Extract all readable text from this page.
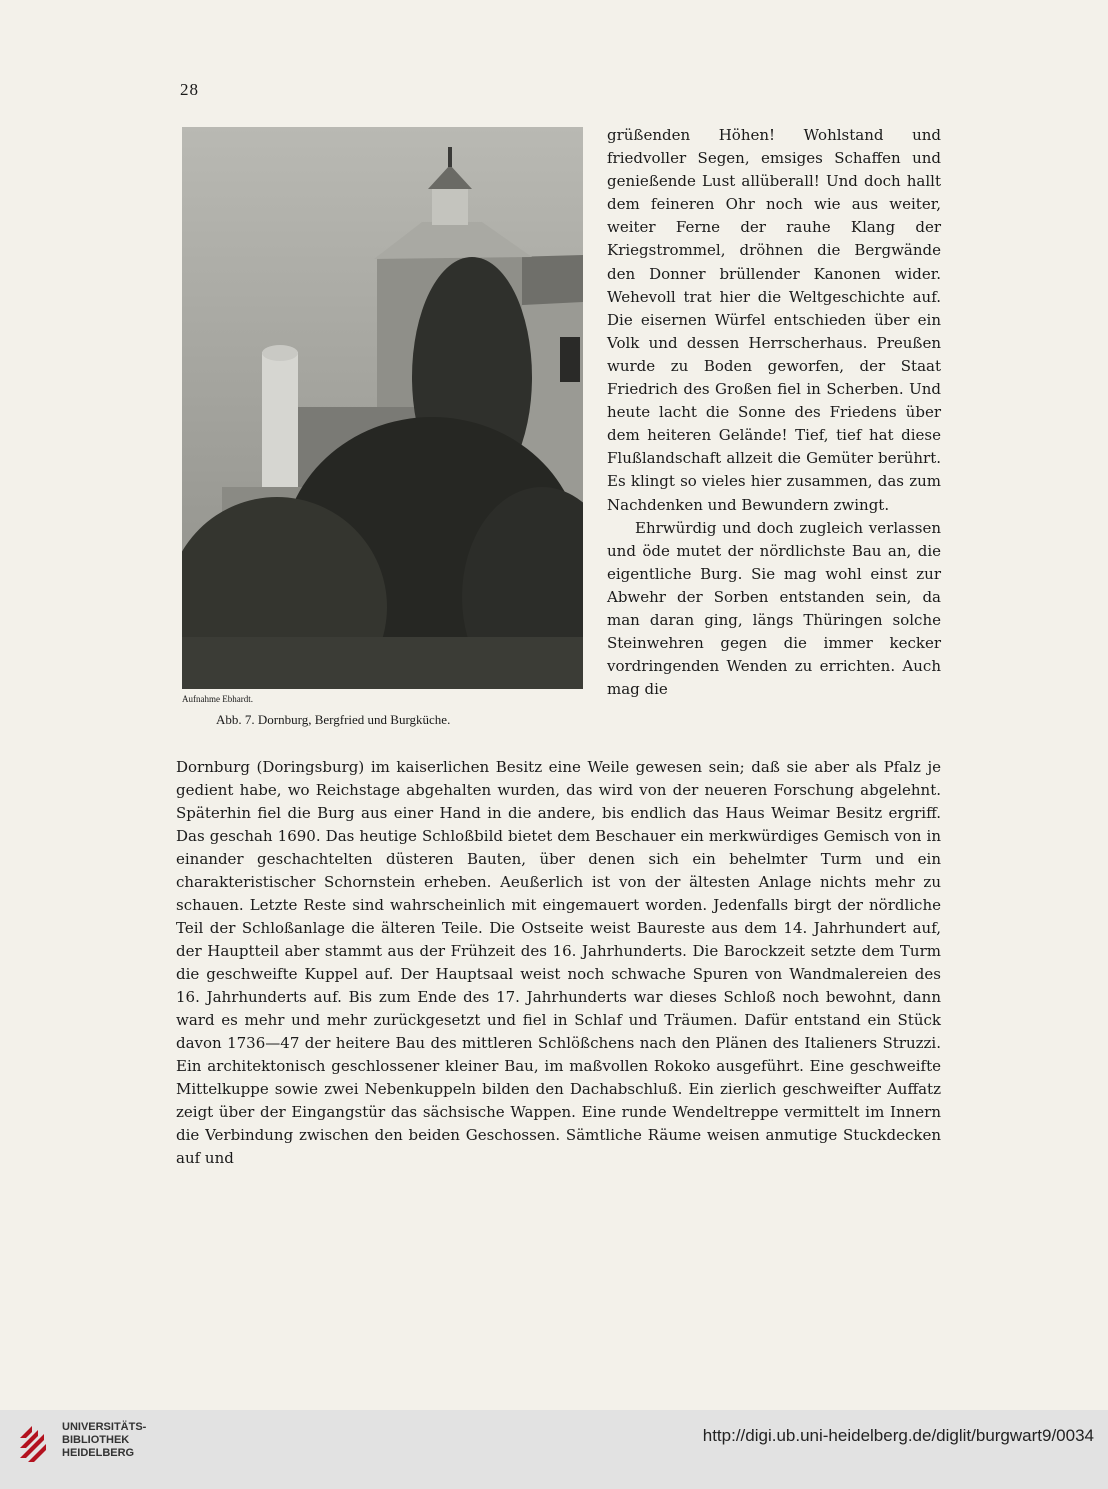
28
Aufnahme Ebhardt.
Abb. 7. Dornburg, Bergfried und Burgküche.

grüßenden Höhen! Wohlstand und friedvoller Segen, emsiges Schaffen und genießende Lust allüberall! Und doch hallt dem feineren Ohr noch wie aus weiter, weiter Ferne der rauhe Klang der Kriegstrommel, dröhnen die Bergwände den Donner brüllender Kanonen wider. Wehevoll trat hier die Weltgeschichte auf. Die eisernen Würfel entschieden über ein Volk und dessen Herrscherhaus. Preußen wurde zu Boden geworfen, der Staat Friedrich des Großen fiel in Scherben. Und heute lacht die Sonne des Friedens über dem heiteren Gelände! Tief, tief hat diese Flußlandschaft allzeit die Gemüter berührt. Es klingt so vieles hier zusammen, das zum Nachdenken und Bewundern zwingt.

Ehrwürdig und doch zugleich verlassen und öde mutet der nördlichste Bau an, die eigentliche Burg. Sie mag wohl einst zur Abwehr der Sorben entstanden sein, da man daran ging, längs Thüringen solche Steinwehren gegen die immer kecker vordringenden Wenden zu errichten. Auch mag die

Dornburg (Doringsburg) im kaiserlichen Besitz eine Weile gewesen sein; daß sie aber als Pfalz je gedient habe, wo Reichstage abgehalten wurden, das wird von der neueren Forschung abgelehnt. Späterhin fiel die Burg aus einer Hand in die andere, bis endlich das Haus Weimar Besitz ergriff. Das geschah 1690. Das heutige Schloßbild bietet dem Beschauer ein merkwürdiges Gemisch von in einander geschachtelten düsteren Bauten, über denen sich ein behelmter Turm und ein charakteristischer Schornstein erheben. Aeußerlich ist von der ältesten Anlage nichts mehr zu schauen. Letzte Reste sind wahrscheinlich mit eingemauert worden. Jedenfalls birgt der nördliche Teil der Schloßanlage die älteren Teile. Die Ostseite weist Baureste aus dem 14. Jahrhundert auf, der Hauptteil aber stammt aus der Frühzeit des 16. Jahrhunderts. Die Barockzeit setzte dem Turm die geschweifte Kuppel auf. Der Hauptsaal weist noch schwache Spuren von Wandmalereien des 16. Jahrhunderts auf. Bis zum Ende des 17. Jahrhunderts war dieses Schloß noch bewohnt, dann ward es mehr und mehr zurückgesetzt und fiel in Schlaf und Träumen. Dafür entstand ein Stück davon 1736—47 der heitere Bau des mittleren Schlößchens nach den Plänen des Italieners Struzzi. Ein architektonisch geschlossener kleiner Bau, im maßvollen Rokoko ausgeführt. Eine geschweifte Mittelkuppe sowie zwei Nebenkuppeln bilden den Dachabschluß. Ein zierlich geschweifter Auffatz zeigt über der Eingangstür das sächsische Wappen. Eine runde Wendeltreppe vermittelt im Innern die Verbindung zwischen den beiden Geschossen. Sämtliche Räume weisen anmutige Stuckdecken auf und

UNIVERSITÄTS-
BIBLIOTHEK
HEIDELBERG
http://digi.ub.uni-heidelberg.de/diglit/burgwart9/0034
